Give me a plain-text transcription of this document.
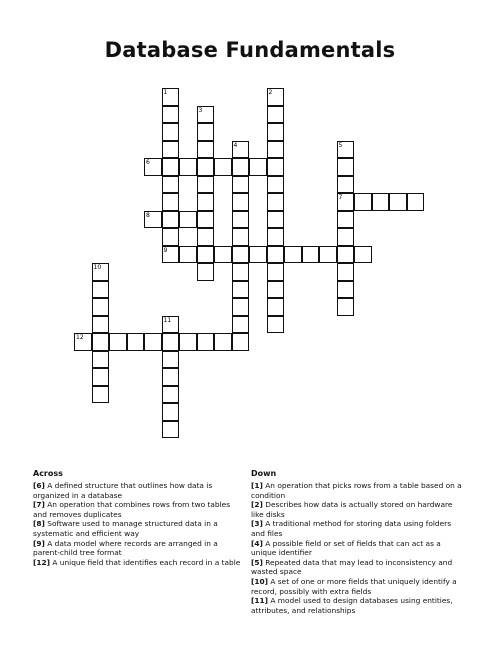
Database Fundamentals
1
9
2
3
4	5
7
6
8
10
11
12
Across
[6] A defined structure that outlines how data is organized in a database
[7] An operation that combines rows from two tables and removes duplicates
[8] Software used to manage structured data in a systematic and efficient way
[9] A data model where records are arranged in a parent-child tree format
[12] A unique field that identifies each record in a table
Down
[1] An operation that picks rows from a table based on a condition
[2] Describes how data is actually stored on hardware like disks
[3] A traditional method for storing data using folders and files
[4] A possible field or set of fields that can act as a unique identifier
[5] Repeated data that may lead to inconsistency and wasted space
[10] A set of one or more fields that uniquely identify a record, possibly with extra fields
[11] A model used to design databases using entities, attributes, and relationships
